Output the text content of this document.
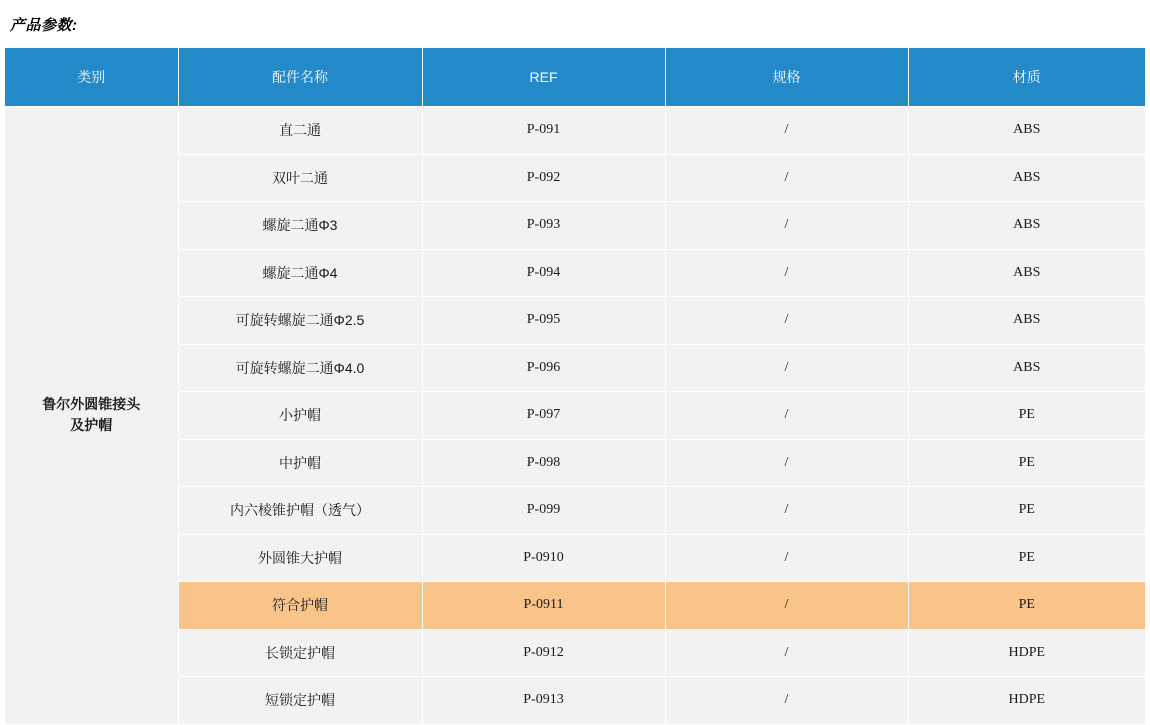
产品参数:
类别	配件名称	REF	规格	材质

鲁尔外圆锥接头
及护帽	直二通	P-091	/	ABS
	双叶二通	P-092	/	ABS
	螺旋二通Φ3	P-093	/	ABS
	螺旋二通Φ4	P-094	/	ABS
	可旋转螺旋二通Φ2.5	P-095	/	ABS
	可旋转螺旋二通Φ4.0	P-096	/	ABS
	小护帽	P-097	/	PE
	中护帽	P-098	/	PE
	内六棱锥护帽（透气）	P-099	/	PE
	外圆锥大护帽	P-0910	/	PE
	符合护帽	P-0911	/	PE
	长锁定护帽	P-0912	/	HDPE
	短锁定护帽	P-0913	/	HDPE
